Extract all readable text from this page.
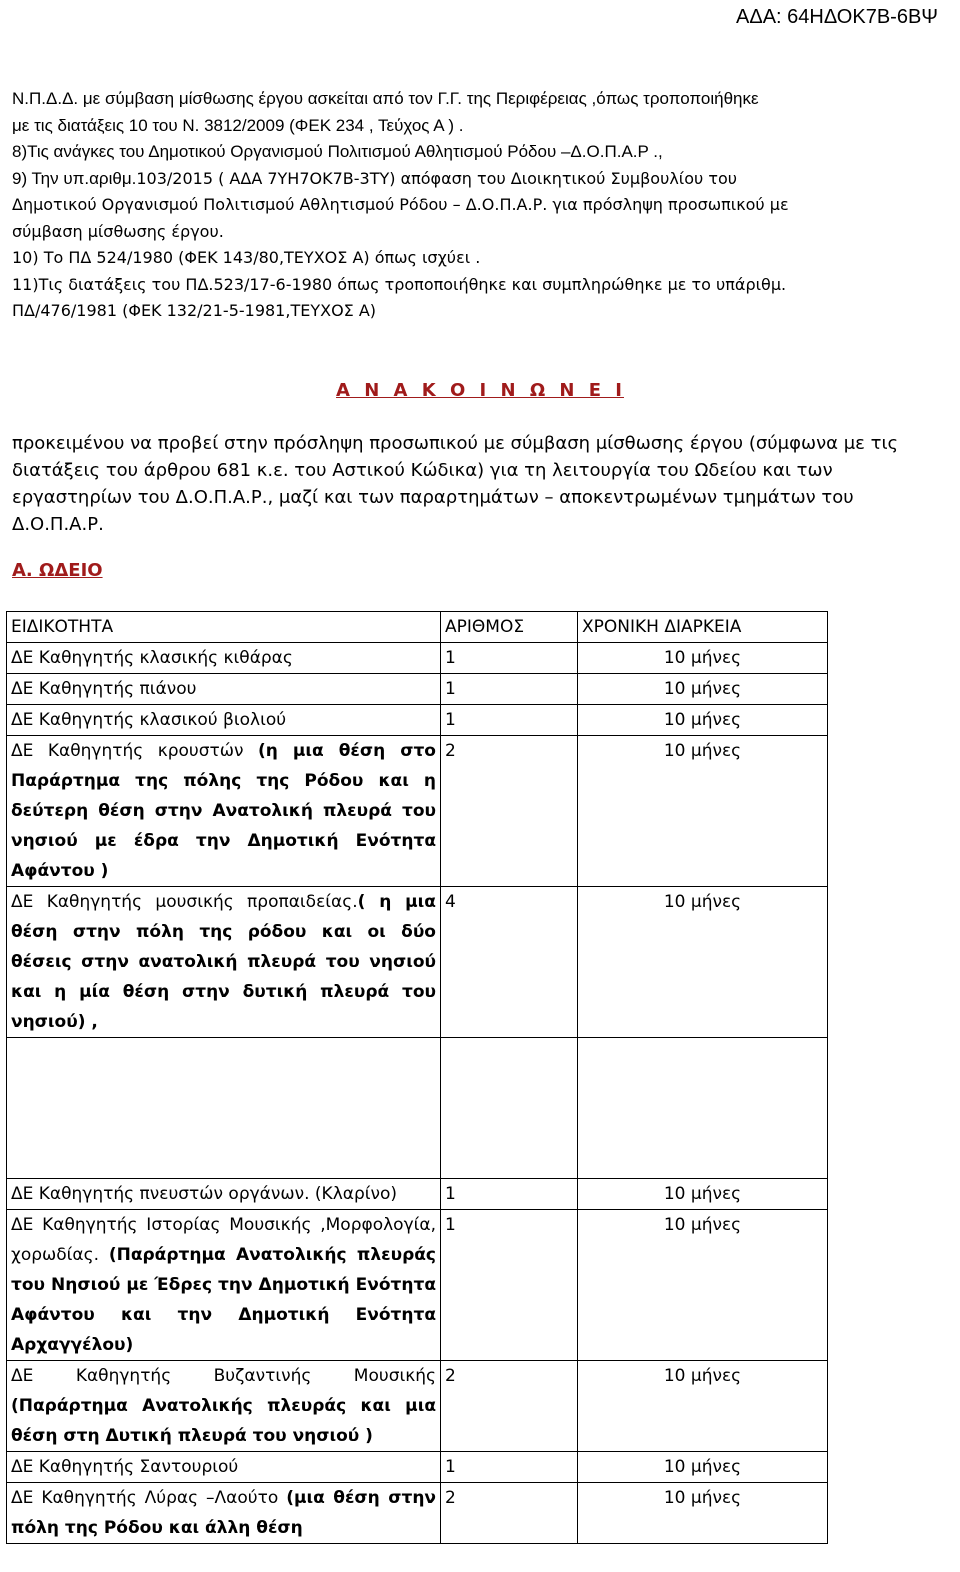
ΑΔΑ: 64ΗΔΟΚ7Β-6ΒΨ

Ν.Π.Δ.Δ. με σύμβαση μίσθωσης έργου ασκείται από τον Γ.Γ. της Περιφέρειας ,όπως τροποποιήθηκε

με τις διατάξεις 10 του Ν. 3812/2009 (ΦΕΚ 234 , Τεύχος Α ) .

8)Τις ανάγκες του Δημοτικού Οργανισμού Πολιτισμού Αθλητισμού Ρόδου –Δ.Ο.Π.Α.Ρ .,

9) Την υπ.αριθμ.103/2015 ( ΑΔΑ 7ΥΗ7ΟΚ7Β-3ΤΥ) απόφαση του Διοικητικού Συμβουλίου του

Δημοτικού Οργανισμού Πολιτισμού Αθλητισμού Ρόδου – Δ.Ο.Π.Α.Ρ. για πρόσληψη προσωπικού με

σύμβαση μίσθωσης έργου.

10) Το ΠΔ 524/1980 (ΦΕΚ 143/80,ΤΕΥΧΟΣ Α) όπως ισχύει .

11)Τις διατάξεις του ΠΔ.523/17-6-1980 όπως τροποποιήθηκε και συμπληρώθηκε με το υπάριθμ.

ΠΔ/476/1981 (ΦΕΚ 132/21-5-1981,ΤΕΥΧΟΣ Α)

Α Ν Α Κ Ο Ι Ν Ω Ν Ε Ι

προκειμένου να προβεί στην πρόσληψη προσωπικού με σύμβαση μίσθωσης έργου (σύμφωνα με τις διατάξεις του άρθρου 681 κ.ε. του Αστικού Κώδικα) για τη λειτουργία του Ωδείου και των εργαστηρίων του Δ.Ο.Π.Α.Ρ., μαζί και των παραρτημάτων – αποκεντρωμένων τμημάτων του Δ.Ο.Π.Α.Ρ.

Α. ΩΔΕΙΟ
ΕΙΔΙΚΟΤΗΤΑ	ΑΡΙΘΜΟΣ	ΧΡΟΝΙΚΗ ΔΙΑΡΚΕΙΑ
ΔΕ Καθηγητής κλασικής κιθάρας	1	10 μήνες
ΔΕ Καθηγητής πιάνου	1	10 μήνες
ΔΕ Καθηγητής κλασικού βιολιού	1	10 μήνες
ΔΕ Καθηγητής κρουστών (η μια θέση στο Παράρτημα της πόλης της Ρόδου και η δεύτερη θέση στην Ανατολική πλευρά του νησιού με έδρα την Δημοτική Ενότητα Αφάντου )	2	10 μήνες
ΔΕ Καθηγητής μουσικής προπαιδείας.( η μια θέση στην πόλη της ρόδου και οι δύο θέσεις στην ανατολική πλευρά του νησιού και η μία θέση στην δυτική πλευρά του νησιού) ,	4	10 μήνες

ΔΕ Καθηγητής πνευστών οργάνων. (Κλαρίνο)	1	10 μήνες
ΔΕ Καθηγητής Ιστορίας Μουσικής ,Μορφολογία, χορωδίας. (Παράρτημα Ανατολικής πλευράς του Νησιού με Έδρες την Δημοτική Ενότητα Αφάντου και την Δημοτική Ενότητα Αρχαγγέλου)	1	10 μήνες
ΔΕ Καθηγητής Βυζαντινής Μουσικής (Παράρτημα Ανατολικής πλευράς και μια θέση στη Δυτική πλευρά του νησιού )	2	10 μήνες
ΔΕ Καθηγητής Σαντουριού	1	10 μήνες
ΔΕ Καθηγητής Λύρας –Λαούτο (μια θέση στην πόλη της Ρόδου και άλλη θέση	2	10 μήνες
